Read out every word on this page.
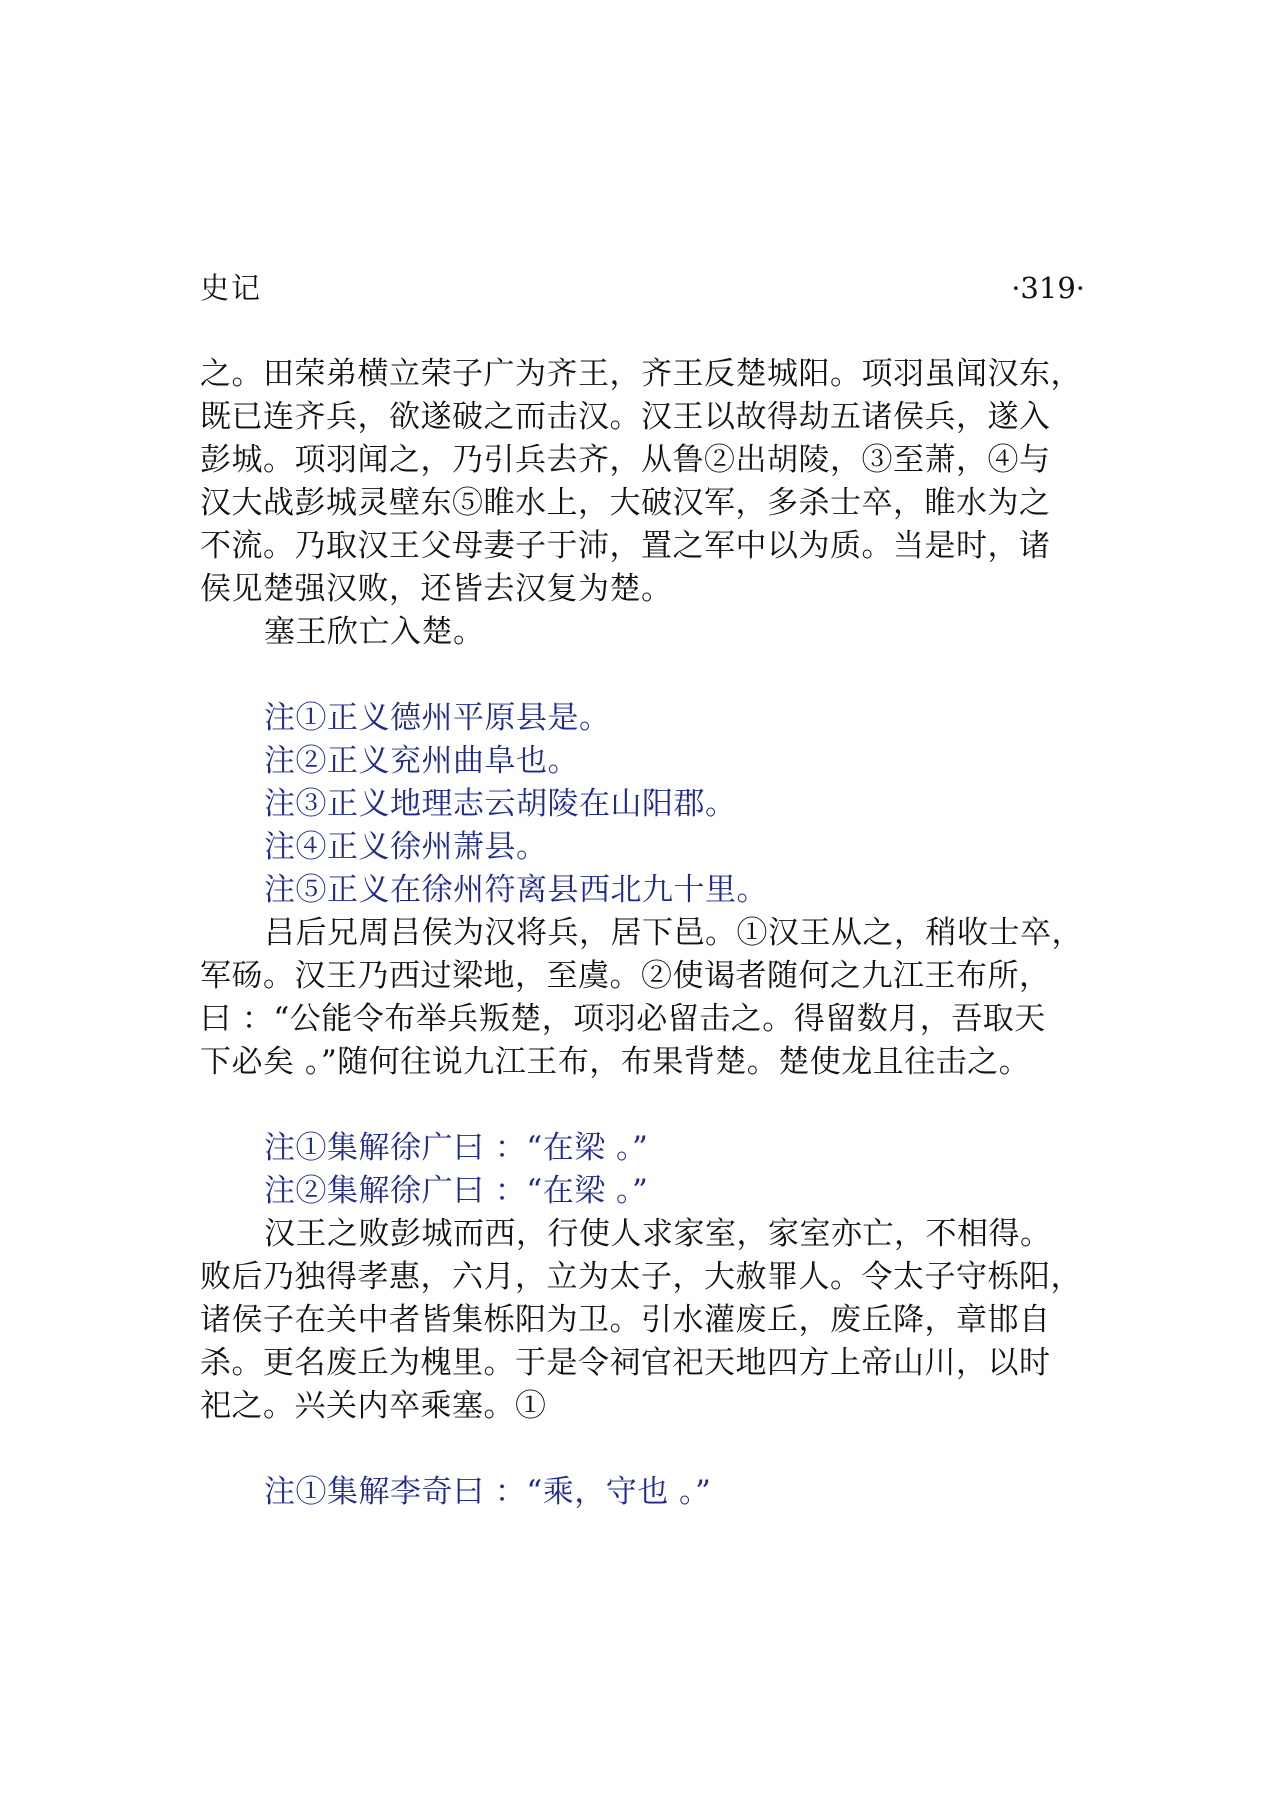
史记	·319·
之。田荣弟横立荣子广为齐王，齐王反楚城阳。项羽虽闻汉东，
既已连齐兵，欲遂破之而击汉。汉王以故得劫五诸侯兵，遂入
彭城。项羽闻之，乃引兵去齐，从鲁②出胡陵，③至萧，④与
汉大战彭城灵壁东⑤睢水上，大破汉军，多杀士卒，睢水为之
不流。乃取汉王父母妻子于沛，置之军中以为质。当是时，诸
侯见楚强汉败，还皆去汉复为楚。
塞王欣亡入楚。
注①正义德州平原县是。
注②正义兖州曲阜也。
注③正义地理志云胡陵在山阳郡。
注④正义徐州萧县。
注⑤正义在徐州符离县西北九十里。
吕后兄周吕侯为汉将兵，居下邑。①汉王从之，稍收士卒，
军砀。汉王乃西过梁地，至虞。②使谒者随何之九江王布所，
曰 ：“公能令布举兵叛楚，项羽必留击之。得留数月，吾取天
下必矣 。”随何往说九江王布，布果背楚。楚使龙且往击之。
注①集解徐广曰 ：“在梁 。”
注②集解徐广曰 ：“在梁 。”
汉王之败彭城而西，行使人求家室，家室亦亡，不相得。
败后乃独得孝惠，六月，立为太子，大赦罪人。令太子守栎阳，
诸侯子在关中者皆集栎阳为卫。引水灌废丘，废丘降，章邯自
杀。更名废丘为槐里。于是令祠官祀天地四方上帝山川，以时
祀之。兴关内卒乘塞。①
注①集解李奇曰 ：“乘，守也 。”
